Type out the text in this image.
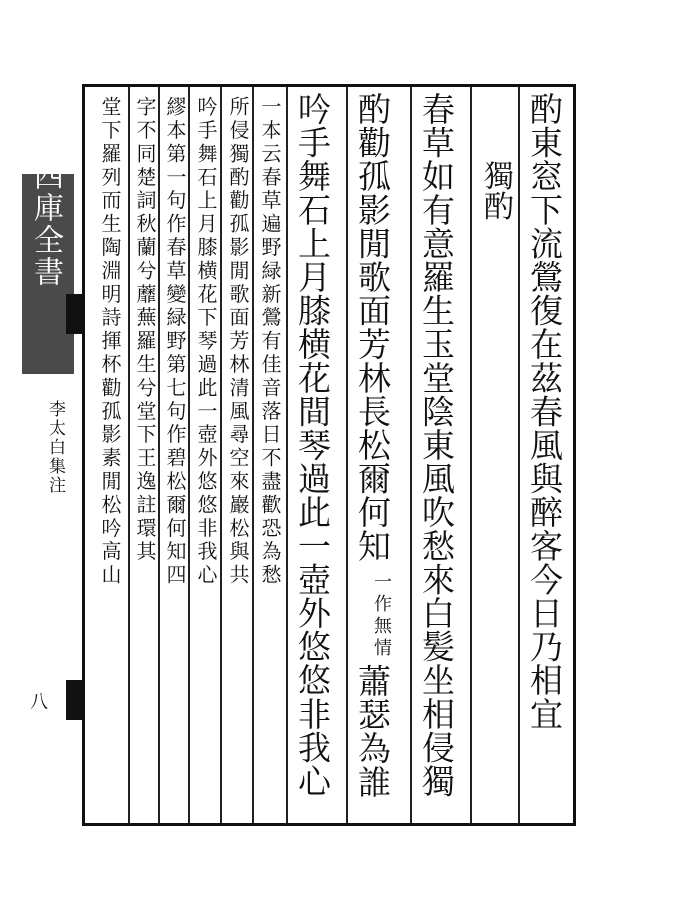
欽定四庫全書
李太白集注
八	酌東窓下流鶯復在茲春風與醉客今日乃相宜
獨酌
春草如有意羅生玉堂陰東風吹愁來白髪坐相侵獨
酌勸孤影閒歌面芳林長松爾何知
一作無情
蕭瑟為誰
吟手舞石上月膝横花間琴過此一壺外悠悠非我心
一本云春草遍野緑新鶯有佳音落日不盡歡恐為愁
所侵獨酌勸孤影閒歌面芳林清風尋空來巖松與共
吟手舞石上月膝横花下琴過此一壺外悠悠非我心
繆本第一句作春草變緑野第七句作碧松爾何知四
字不同楚詞秋蘭兮蘼蕪羅生兮堂下王逸註環其
堂下羅列而生陶淵明詩揮杯勸孤影素閒松吟高山
